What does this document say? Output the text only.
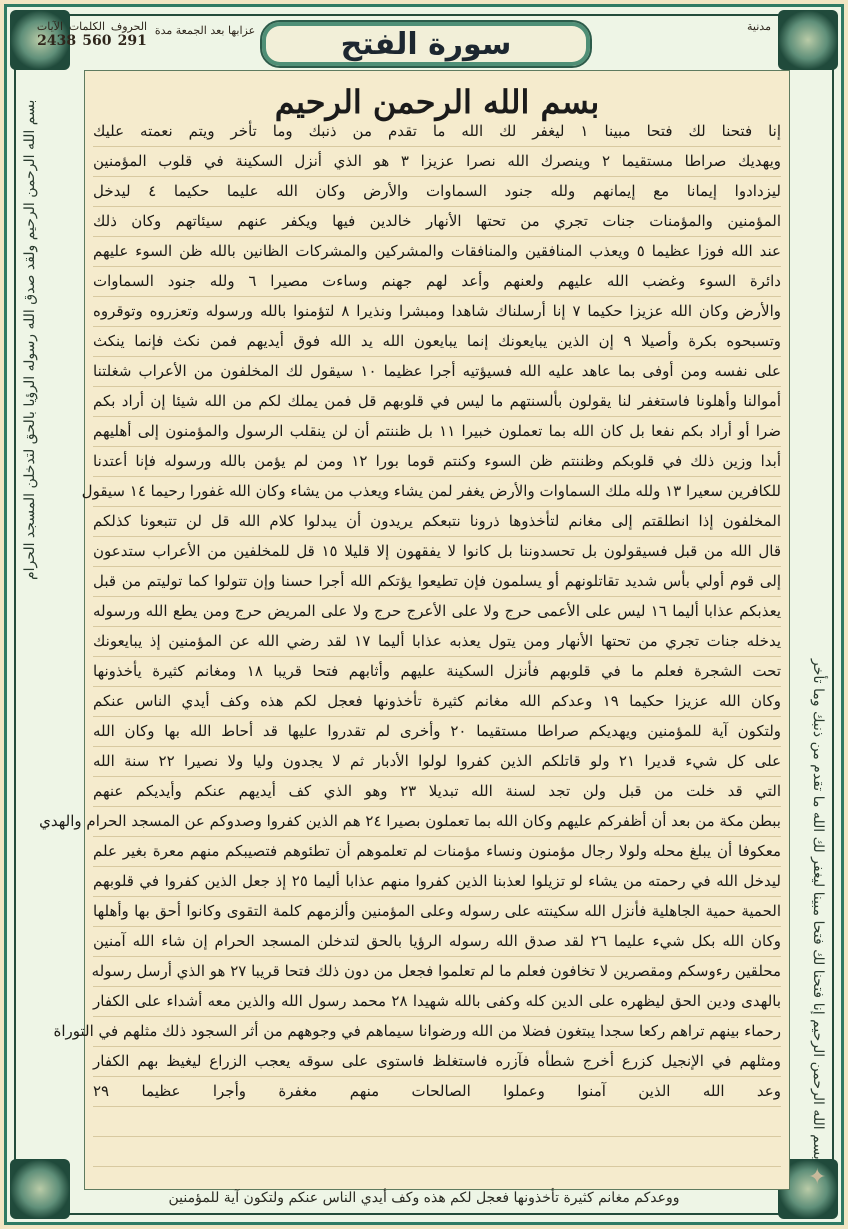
الحروف
الكلمات
الآيات
2438 560 291
عزابها بعد الجمعة مدة	سورة الفتح	مدنية
بسم الله الرحمن الرحيم إنا فتحنا لك فتحا مبينا ليغفر لك الله ما تقدم من ذنبك وما تأخر
بسم الله الرحمن الرحيم ولقد صدق الله رسوله الرؤيا بالحق لتدخلن المسجد الحرام	بسم الله الرحمن الرحيم
إنا فتحنا لك فتحا مبينا ١ ليغفر لك الله ما تقدم من ذنبك وما تأخر ويتم نعمته عليك
ويهديك صراطا مستقيما ٢ وينصرك الله نصرا عزيزا ٣ هو الذي أنزل السكينة في قلوب المؤمنين
ليزدادوا إيمانا مع إيمانهم ولله جنود السماوات والأرض وكان الله عليما حكيما ٤ ليدخل
المؤمنين والمؤمنات جنات تجري من تحتها الأنهار خالدين فيها ويكفر عنهم سيئاتهم وكان ذلك
عند الله فوزا عظيما ٥ ويعذب المنافقين والمنافقات والمشركين والمشركات الظانين بالله ظن السوء عليهم
دائرة السوء وغضب الله عليهم ولعنهم وأعد لهم جهنم وساءت مصيرا ٦ ولله جنود السماوات
والأرض وكان الله عزيزا حكيما ٧ إنا أرسلناك شاهدا ومبشرا ونذيرا ٨ لتؤمنوا بالله ورسوله وتعزروه وتوقروه
وتسبحوه بكرة وأصيلا ٩ إن الذين يبايعونك إنما يبايعون الله يد الله فوق أيديهم فمن نكث فإنما ينكث
على نفسه ومن أوفى بما عاهد عليه الله فسيؤتيه أجرا عظيما ١٠ سيقول لك المخلفون من الأعراب شغلتنا
أموالنا وأهلونا فاستغفر لنا يقولون بألسنتهم ما ليس في قلوبهم قل فمن يملك لكم من الله شيئا إن أراد بكم
ضرا أو أراد بكم نفعا بل كان الله بما تعملون خبيرا ١١ بل ظننتم أن لن ينقلب الرسول والمؤمنون إلى أهليهم
أبدا وزين ذلك في قلوبكم وظننتم ظن السوء وكنتم قوما بورا ١٢ ومن لم يؤمن بالله ورسوله فإنا أعتدنا
للكافرين سعيرا ١٣ ولله ملك السماوات والأرض يغفر لمن يشاء ويعذب من يشاء وكان الله غفورا رحيما ١٤ سيقول
المخلفون إذا انطلقتم إلى مغانم لتأخذوها ذرونا نتبعكم يريدون أن يبدلوا كلام الله قل لن تتبعونا كذلكم
قال الله من قبل فسيقولون بل تحسدوننا بل كانوا لا يفقهون إلا قليلا ١٥ قل للمخلفين من الأعراب ستدعون
إلى قوم أولي بأس شديد تقاتلونهم أو يسلمون فإن تطيعوا يؤتكم الله أجرا حسنا وإن تتولوا كما توليتم من قبل
يعذبكم عذابا أليما ١٦ ليس على الأعمى حرج ولا على الأعرج حرج ولا على المريض حرج ومن يطع الله ورسوله
يدخله جنات تجري من تحتها الأنهار ومن يتول يعذبه عذابا أليما ١٧ لقد رضي الله عن المؤمنين إذ يبايعونك
تحت الشجرة فعلم ما في قلوبهم فأنزل السكينة عليهم وأثابهم فتحا قريبا ١٨ ومغانم كثيرة يأخذونها
وكان الله عزيزا حكيما ١٩ وعدكم الله مغانم كثيرة تأخذونها فعجل لكم هذه وكف أيدي الناس عنكم
ولتكون آية للمؤمنين ويهديكم صراطا مستقيما ٢٠ وأخرى لم تقدروا عليها قد أحاط الله بها وكان الله
على كل شيء قديرا ٢١ ولو قاتلكم الذين كفروا لولوا الأدبار ثم لا يجدون وليا ولا نصيرا ٢٢ سنة الله
التي قد خلت من قبل ولن تجد لسنة الله تبديلا ٢٣ وهو الذي كف أيديهم عنكم وأيديكم عنهم
ببطن مكة من بعد أن أظفركم عليهم وكان الله بما تعملون بصيرا ٢٤ هم الذين كفروا وصدوكم عن المسجد الحرام والهدي
معكوفا أن يبلغ محله ولولا رجال مؤمنون ونساء مؤمنات لم تعلموهم أن تطئوهم فتصيبكم منهم معرة بغير علم
ليدخل الله في رحمته من يشاء لو تزيلوا لعذبنا الذين كفروا منهم عذابا أليما ٢٥ إذ جعل الذين كفروا في قلوبهم
الحمية حمية الجاهلية فأنزل الله سكينته على رسوله وعلى المؤمنين وألزمهم كلمة التقوى وكانوا أحق بها وأهلها
وكان الله بكل شيء عليما ٢٦ لقد صدق الله رسوله الرؤيا بالحق لتدخلن المسجد الحرام إن شاء الله آمنين
محلقين رءوسكم ومقصرين لا تخافون فعلم ما لم تعلموا فجعل من دون ذلك فتحا قريبا ٢٧ هو الذي أرسل رسوله
بالهدى ودين الحق ليظهره على الدين كله وكفى بالله شهيدا ٢٨ محمد رسول الله والذين معه أشداء على الكفار
رحماء بينهم تراهم ركعا سجدا يبتغون فضلا من الله ورضوانا سيماهم في وجوههم من أثر السجود ذلك مثلهم في التوراة
ومثلهم في الإنجيل كزرع أخرج شطأه فآزره فاستغلظ فاستوى على سوقه يعجب الزراع ليغيظ بهم الكفار
وعد الله الذين آمنوا وعملوا الصالحات منهم مغفرة وأجرا عظيما ٢٩
ووعدكم مغانم كثيرة تأخذونها فعجل لكم هذه وكف أيدي الناس عنكم ولتكون آية للمؤمنين
✦
